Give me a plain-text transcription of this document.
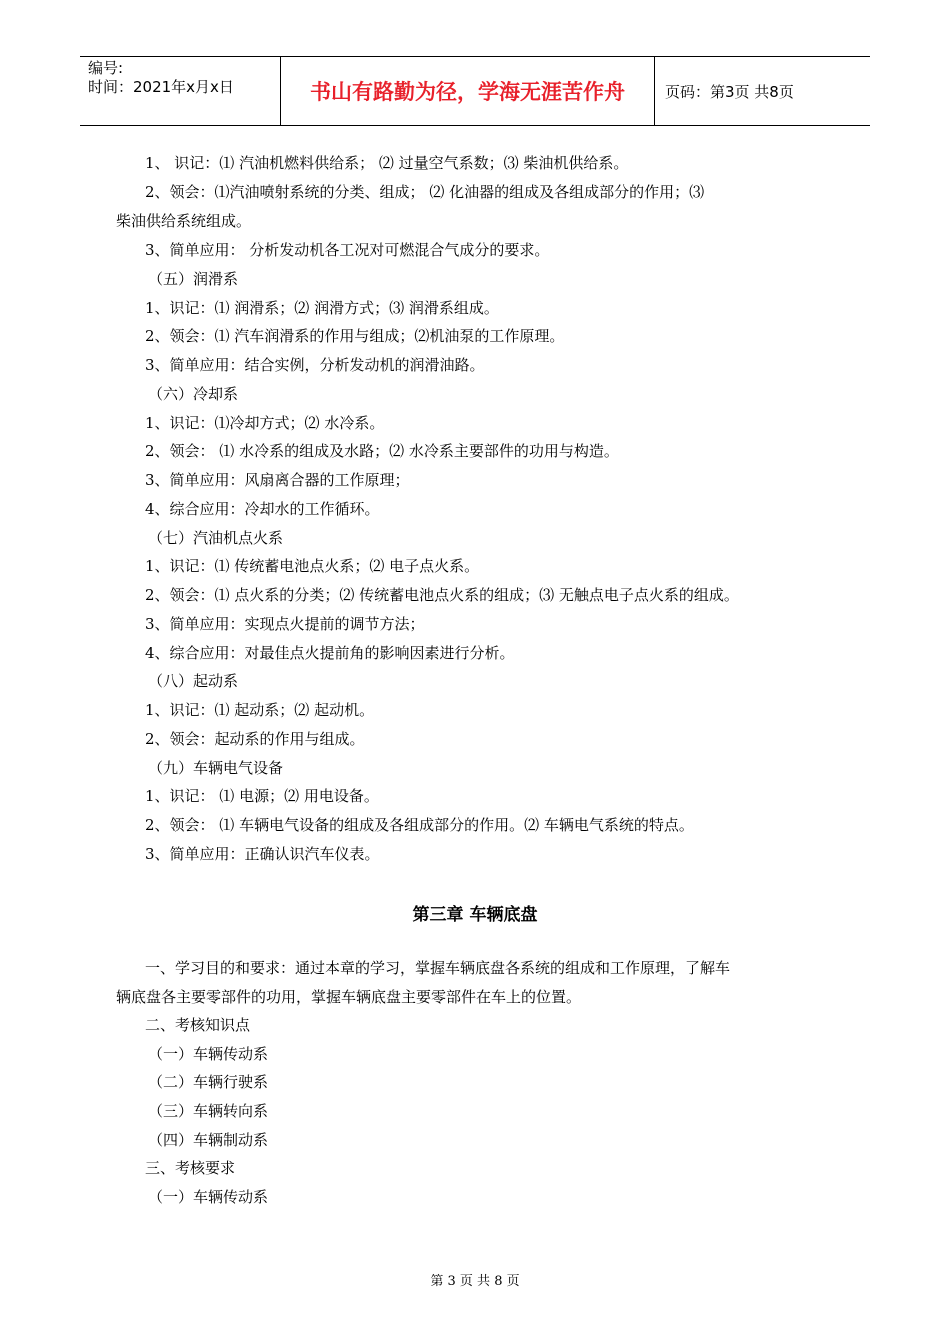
编号:
时间：2021年x月x日	书山有路勤为径，学海无涯苦作舟	页码：第3页 共8页
1、 识记：⑴ 汽油机燃料供给系； ⑵ 过量空气系数；⑶ 柴油机供给系。
2、领会：⑴汽油喷射系统的分类、组成； ⑵ 化油器的组成及各组成部分的作用；⑶
柴油供给系统组成。
3、简单应用： 分析发动机各工况对可燃混合气成分的要求。
（五）润滑系
1、识记：⑴ 润滑系；⑵ 润滑方式；⑶ 润滑系组成。
2、领会：⑴ 汽车润滑系的作用与组成；⑵机油泵的工作原理。
3、简单应用：结合实例，分析发动机的润滑油路。
（六）冷却系
1、识记：⑴冷却方式；⑵ 水冷系。
2、领会： ⑴ 水冷系的组成及水路；⑵ 水冷系主要部件的功用与构造。
3、简单应用：风扇离合器的工作原理；
4、综合应用：冷却水的工作循环。
（七）汽油机点火系
1、识记：⑴ 传统蓄电池点火系；⑵ 电子点火系。
2、领会：⑴ 点火系的分类；⑵ 传统蓄电池点火系的组成；⑶ 无触点电子点火系的组成。
3、简单应用：实现点火提前的调节方法；
4、综合应用：对最佳点火提前角的影响因素进行分析。
（八）起动系
1、识记：⑴ 起动系；⑵ 起动机。
2、领会：起动系的作用与组成。
（九）车辆电气设备
1、识记： ⑴ 电源；⑵ 用电设备。
2、领会： ⑴ 车辆电气设备的组成及各组成部分的作用。⑵ 车辆电气系统的特点。
3、简单应用：正确认识汽车仪表。
一、学习目的和要求：通过本章的学习，掌握车辆底盘各系统的组成和工作原理，了解车
辆底盘各主要零部件的功用，掌握车辆底盘主要零部件在车上的位置。
二、考核知识点
（一）车辆传动系
（二）车辆行驶系
（三）车辆转向系
（四）车辆制动系
三、考核要求
（一）车辆传动系
第三章 车辆底盘
第 3 页 共 8 页
